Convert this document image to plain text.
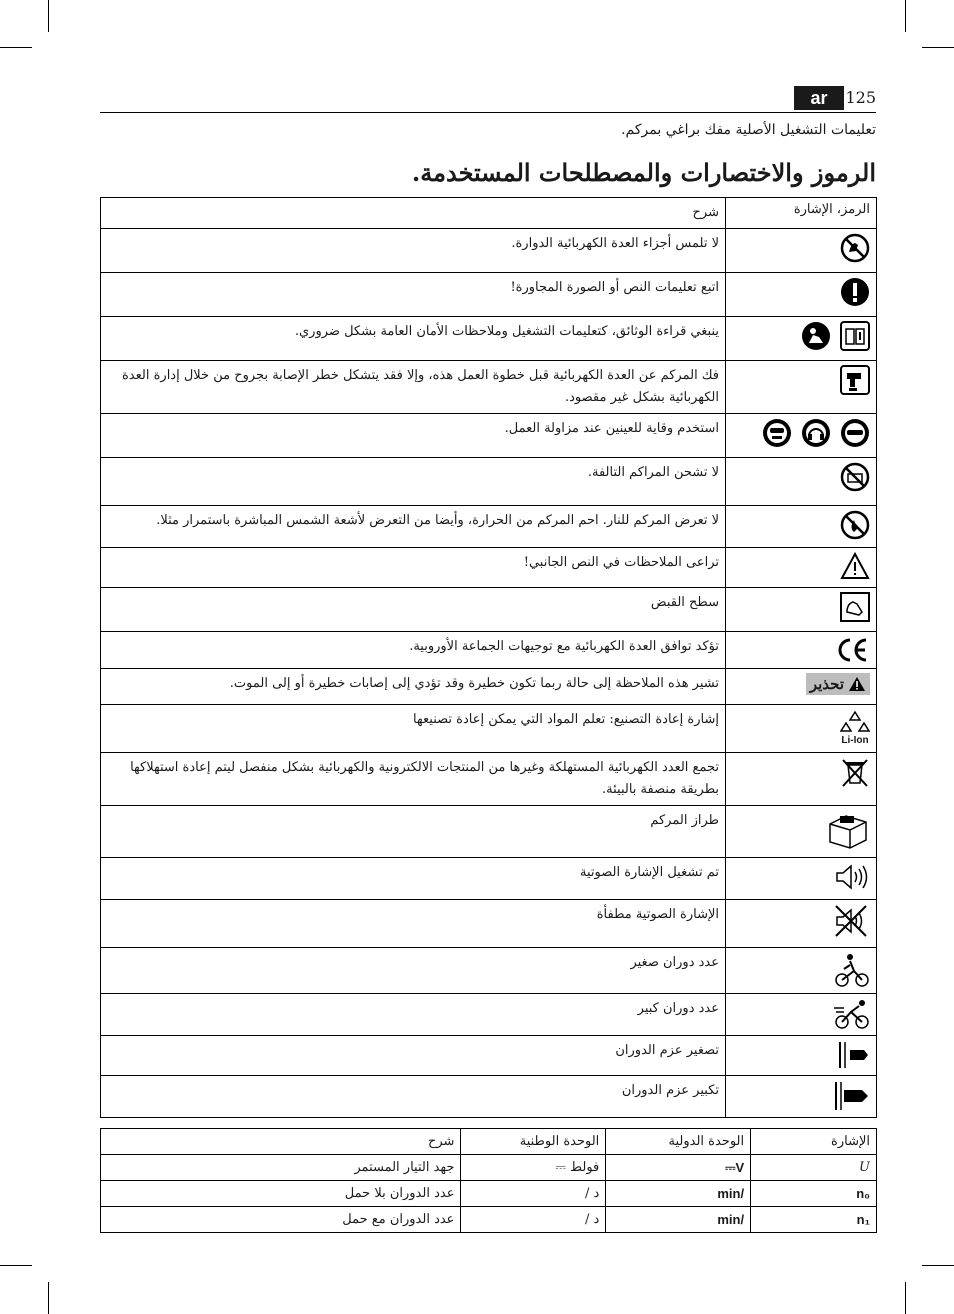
ar	125
تعليمات التشغيل الأصلية مفك براغي بمركم.
الرموز والاختصارات والمصطلحات المستخدمة.
شرح	الرمز، الإشارة
لا تلمس أجزاء العدة الكهربائية الدوارة.	

اتبع تعليمات النص أو الصورة المجاورة!	

ينبغي قراءة الوثائق، كتعليمات التشغيل وملاحظات الأمان العامة بشكل ضروري.	

فك المركم عن العدة الكهربائية قبل خطوة العمل هذه، وإلا فقد يتشكل خطر الإصابة بجروح من خلال إدارة العدة الكهربائية بشكل غير مقصود.	

استخدم وقاية للعينين عند مزاولة العمل.	

لا تشحن المراكم التالفة.	

لا تعرض المركم للنار. احم المركم من الحرارة، وأيضا من التعرض لأشعة الشمس المباشرة باستمرار مثلا.	

تراعى الملاحظات في النص الجانبي!	

سطح القبض	

تؤكد توافق العدة الكهربائية مع توجيهات الجماعة الأوروبية.	

تشير هذه الملاحظة إلى حالة ربما تكون خطيرة وقد تؤدي إلى إصابات خطيرة أو إلى الموت.	تحذير

إشارة إعادة التصنيع: تعلم المواد التي يمكن إعادة تصنيعها	Li-Ion

تجمع العدد الكهربائية المستهلكة وغيرها من المنتجات الالكترونية والكهربائية بشكل منفصل ليتم إعادة استهلاكها بطريقة منصفة بالبيئة.	

طراز المركم	

تم تشغيل الإشارة الصوتية	

الإشارة الصوتية مطفأة	

عدد دوران صغير	

عدد دوران كبير	

تصغير عزم الدوران	

تكبير عزم الدوران	
شرح	الوحدة الوطنية	الوحدة الدولية	الإشارة
جهد التيار المستمر	فولط ⎓	V⎓	U
عدد الدوران بلا حمل	د /	/min	n₀
عدد الدوران مع حمل	د /	/min	n₁
